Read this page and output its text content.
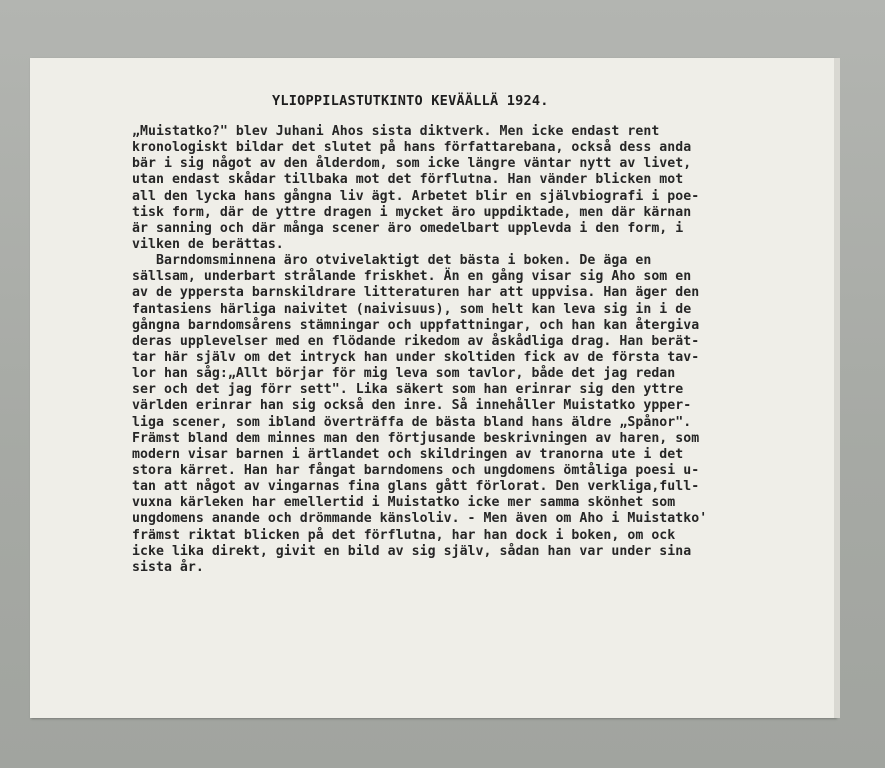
YLIOPPILASTUTKINTO KEVÄÄLLÄ 1924.
„Muistatko?" blev Juhani Ahos sista diktverk. Men icke endast rent
kronologiskt bildar det slutet på hans författarebana, också dess anda
bär i sig något av den ålderdom, som icke längre väntar nytt av livet,
utan endast skådar tillbaka mot det förflutna. Han vänder blicken mot
all den lycka hans gångna liv ägt. Arbetet blir en självbiografi i poe-
tisk form, där de yttre dragen i mycket äro uppdiktade, men där kärnan
är sanning och där många scener äro omedelbart upplevda i den form, i
vilken de berättas.
Barndomsminnena äro otvivelaktigt det bästa i boken. De äga en
sällsam, underbart strålande friskhet. Än en gång visar sig Aho som en
av de yppersta barnskildrare litteraturen har att uppvisa. Han äger den
fantasiens härliga naivitet (naivisuus), som helt kan leva sig in i de
gångna barndomsårens stämningar och uppfattningar, och han kan återgiva
deras upplevelser med en flödande rikedom av åskådliga drag. Han berät-
tar här själv om det intryck han under skoltiden fick av de första tav-
lor han såg:„Allt börjar för mig leva som tavlor, både det jag redan
ser och det jag förr sett". Lika säkert som han erinrar sig den yttre
världen erinrar han sig också den inre. Så innehåller Muistatko ypper-
liga scener, som ibland överträffa de bästa bland hans äldre „Spånor".
Främst bland dem minnes man den förtjusande beskrivningen av haren, som
modern visar barnen i ärtlandet och skildringen av tranorna ute i det
stora kärret. Han har fångat barndomens och ungdomens ömtåliga poesi u-
tan att något av vingarnas fina glans gått förlorat. Den verkliga,full-
vuxna kärleken har emellertid i Muistatko icke mer samma skönhet som
ungdomens anande och drömmande känsloliv. - Men även om Aho i Muistatko'
främst riktat blicken på det förflutna, har han dock i boken, om ock
icke lika direkt, givit en bild av sig själv, sådan han var under sina
sista år.
